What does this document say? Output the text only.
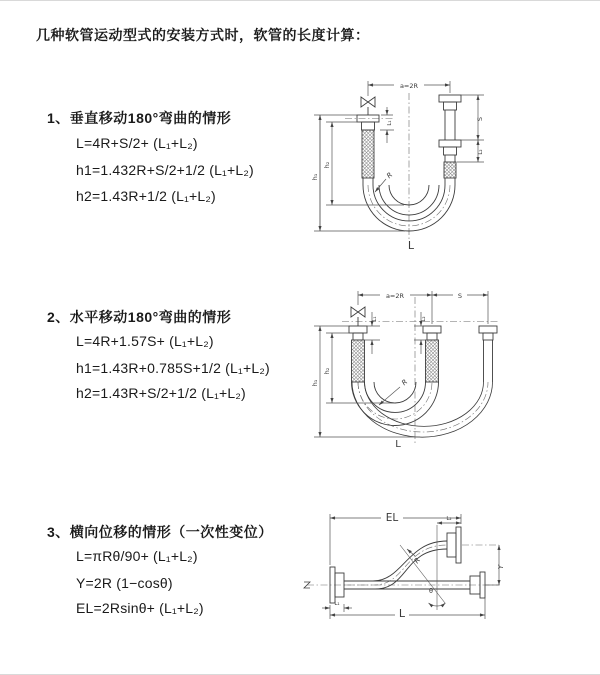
几种软管运动型式的安装方式时，软管的长度计算：
1、垂直移动180°弯曲的情形
L=4R+S/2+ (L₁+L₂)
h1=1.432R+S/2+1/2 (L₁+L₂)
h2=1.43R+1/2 (L₁+L₂)
2、水平移动180°弯曲的情形
L=4R+1.57S+ (L₁+L₂)
h1=1.43R+0.785S+1/2 (L₁+L₂)
h2=1.43R+S/2+1/2 (L₁+L₂)
3、横向位移的情形（一次性变位）
L=πRθ/90+ (L₁+L₂)
Y=2R (1−cosθ)
EL=2Rsinθ+ (L₁+L₂)
a=2R
h₁
h₂
L₁
S
L₂
R
L
a=2R	S
h₁
h₂
L₁	L₂
R
L
EL	L₂
Y
L
L₁
R
θ
